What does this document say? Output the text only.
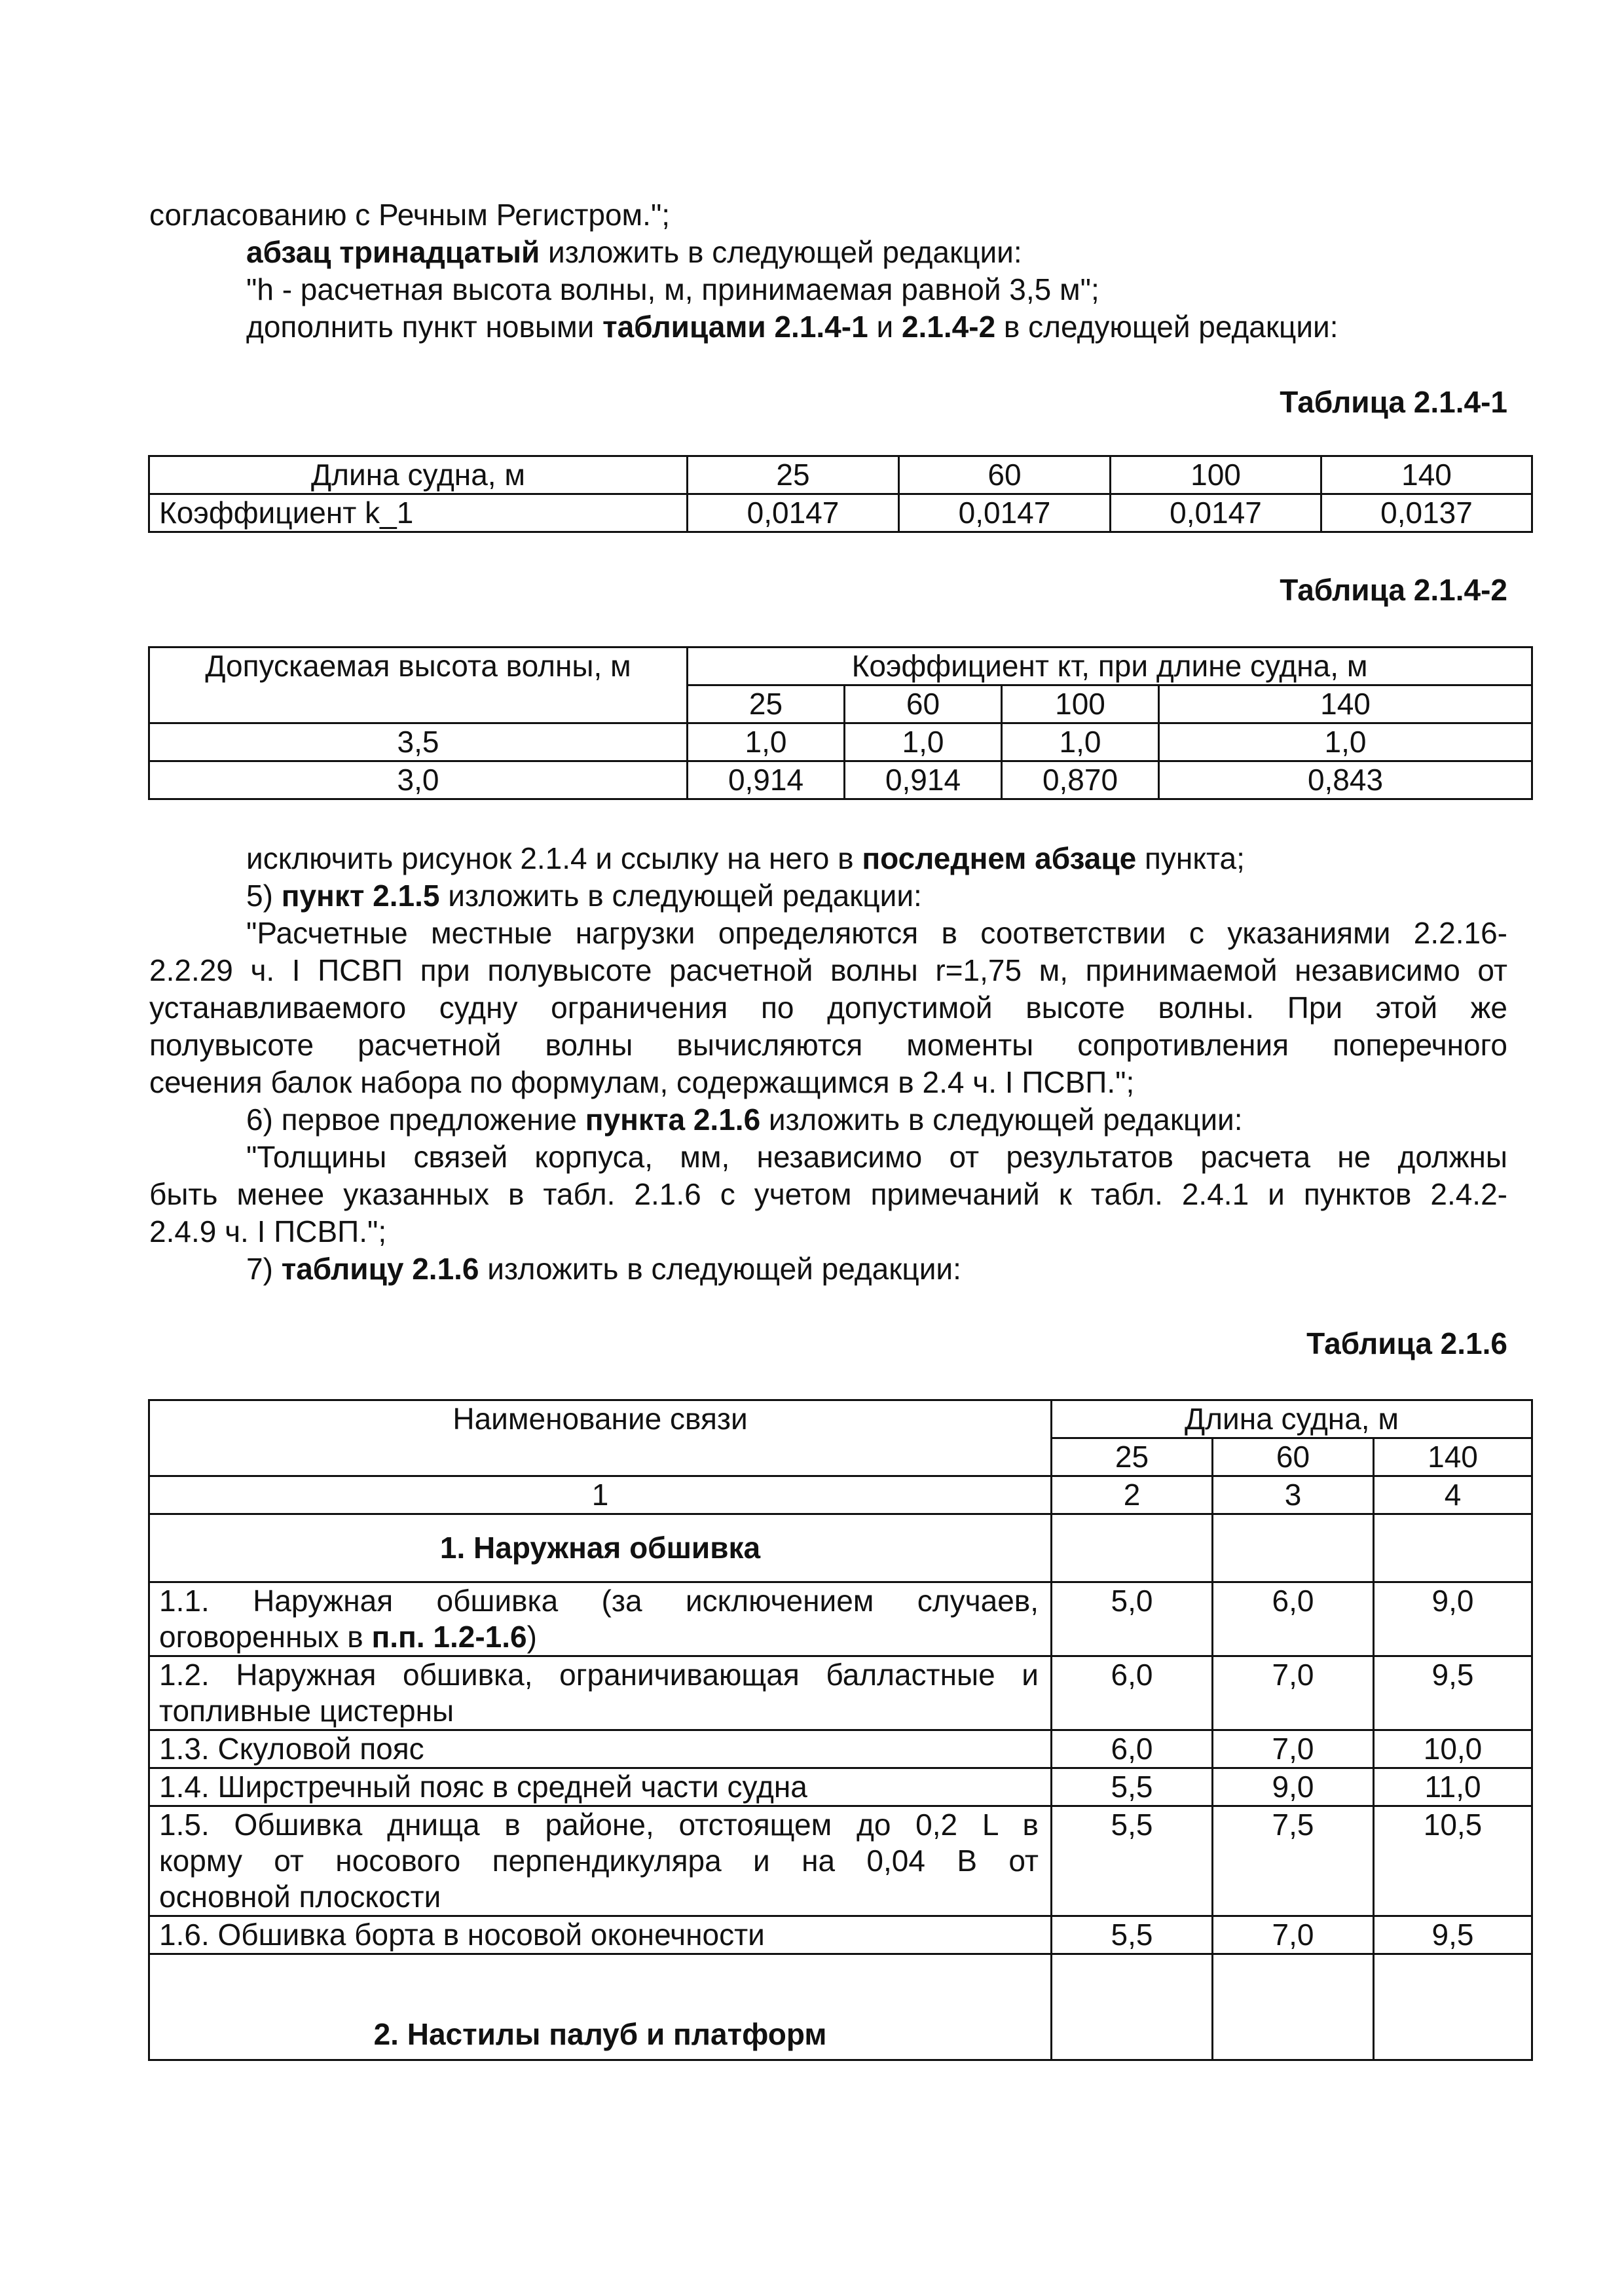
согласованию с Речным Регистром.";
абзац тринадцатый изложить в следующей редакции:
"h - расчетная высота волны, м, принимаемая равной 3,5 м";
дополнить пункт новыми таблицами 2.1.4-1 и 2.1.4-2 в следующей редакции:
Таблица 2.1.4-1
Длина судна, м	25	60	100	140
Коэффициент k_1	0,0147	0,0147	0,0147	0,0137
Таблица 2.1.4-2
Допускаемая высота волны, м	Коэффициент кт, при длине судна, м			
	25	60	100	140
3,5	1,0	1,0	1,0	1,0
3,0	0,914	0,914	0,870	0,843
исключить рисунок 2.1.4 и ссылку на него в последнем абзаце пункта;
5) пункт 2.1.5 изложить в следующей редакции:
"Расчетные местные нагрузки определяются в соответствии с указаниями 2.2.16-
2.2.29 ч. I ПСВП при полувысоте расчетной волны r=1,75 м, принимаемой независимо от
устанавливаемого судну ограничения по допустимой высоте волны. При этой же
полувысоте расчетной волны вычисляются моменты сопротивления поперечного
сечения балок набора по формулам, содержащимся в 2.4 ч. I ПСВП.";
6) первое предложение пункта 2.1.6 изложить в следующей редакции:
"Толщины связей корпуса, мм, независимо от результатов расчета не должны
быть менее указанных в табл. 2.1.6 с учетом примечаний к табл. 2.4.1 и пунктов 2.4.2-
2.4.9 ч. I ПСВП.";
7) таблицу 2.1.6 изложить в следующей редакции:
Таблица 2.1.6
Наименование связи	Длина судна, м		
	25	60	140
1	2	3	4
1. Наружная обшивка			

1.1. Наружная обшивка (за исключением случаев,
оговоренных в п.п. 1.2-1.6)	5,0	6,0	9,0

1.2. Наружная обшивка, ограничивающая балластные и
топливные цистерны	6,0	7,0	9,5
1.3. Скуловой пояс	6,0	7,0	10,0
1.4. Ширстречный пояс в средней части судна	5,5	9,0	11,0

1.5. Обшивка днища в районе, отстоящем до 0,2 L в
корму от носового перпендикуляра и на 0,04 B от
основной плоскости	5,5	7,5	10,5
1.6. Обшивка борта в носовой оконечности	5,5	7,0	9,5
2. Настилы палуб и платформ			
